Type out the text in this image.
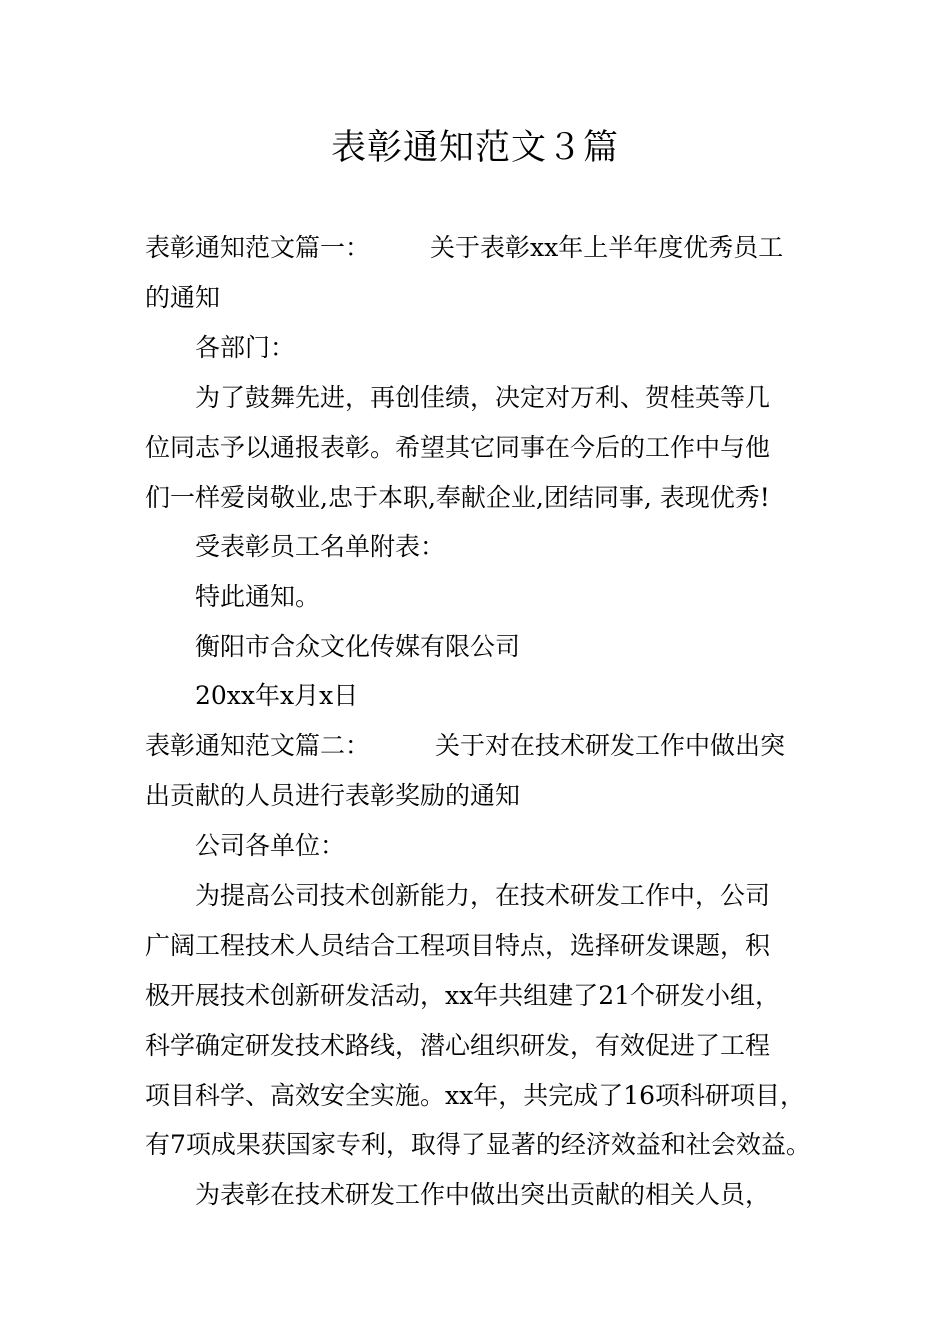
表彰通知范文３篇
表彰通知范文篇一： 关于表彰xx年上半年度优秀员工
的通知
各部门：
为了鼓舞先进，再创佳绩，决定对万利、贺桂英等几
位同志予以通报表彰。希望其它同事在今后的工作中与他
们一样爱岗敬业,忠于本职,奉献企业,团结同事, 表现优秀!
受表彰员工名单附表：
特此通知。
衡阳市合众文化传媒有限公司
20xx年x月x日
表彰通知范文篇二：	关于对在技术研发工作中做出突
出贡献的人员进行表彰奖励的通知
公司各单位：
为提高公司技术创新能力，在技术研发工作中，公司
广阔工程技术人员结合工程项目特点，选择研发课题，积
极开展技术创新研发活动，xx年共组建了21个研发小组，
科学确定研发技术路线，潜心组织研发，有效促进了工程
项目科学、高效安全实施。xx年，共完成了16项科研项目，
有7项成果获国家专利，取得了显著的经济效益和社会效益。
为表彰在技术研发工作中做出突出贡献的相关人员，
